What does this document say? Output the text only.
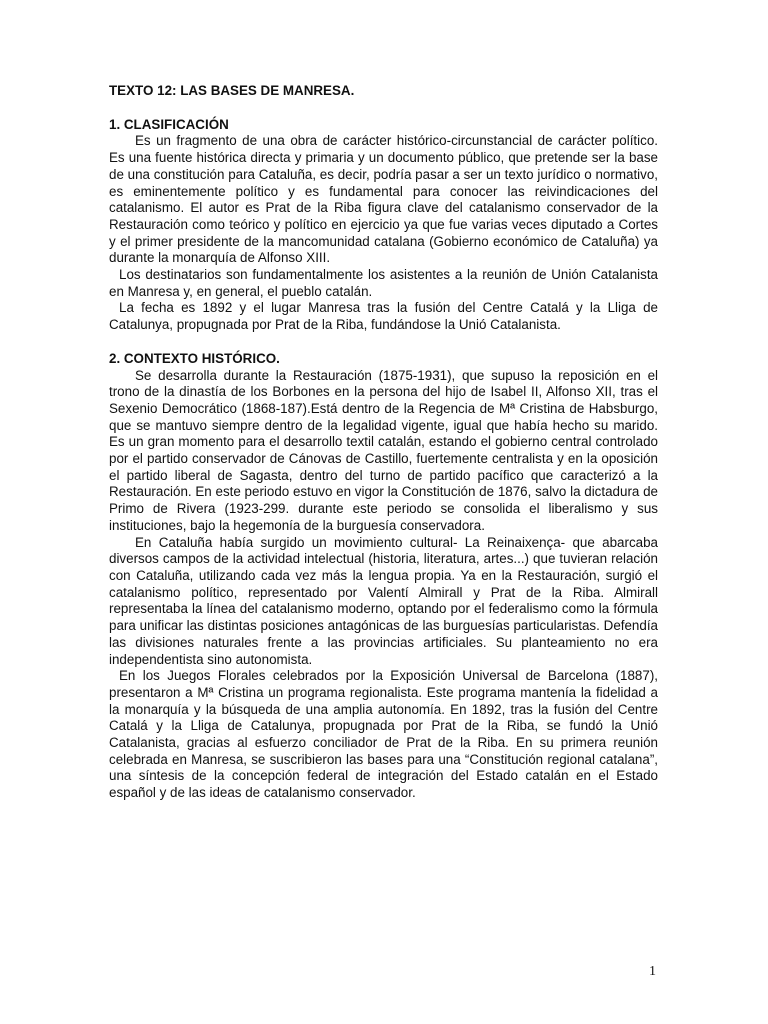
TEXTO 12: LAS BASES DE MANRESA.
1. CLASIFICACIÓN

Es un fragmento de una obra de carácter histórico-circunstancial de carácter político. Es una fuente histórica directa y primaria y un documento público, que pretende ser la base de una constitución para Cataluña, es decir, podría pasar a ser un texto jurídico o normativo, es eminentemente político y es fundamental para conocer las reivindicaciones del catalanismo. El autor es Prat de la Riba figura clave del catalanismo conservador de la Restauración como teórico y político en ejercicio ya que fue varias veces diputado a Cortes y el primer presidente de la mancomunidad catalana (Gobierno económico de Cataluña) ya durante la monarquía de Alfonso XIII.

Los destinatarios son fundamentalmente los asistentes a la reunión de Unión Catalanista en Manresa y, en general, el pueblo catalán.

La fecha es 1892 y el lugar Manresa tras la fusión del Centre Catalá y la Lliga de Catalunya, propugnada por Prat de la Riba, fundándose la Unió Catalanista.

2. CONTEXTO HISTÓRICO.

Se desarrolla durante la Restauración (1875-1931), que supuso la reposición en el trono de la dinastía de los Borbones en la persona del hijo de Isabel II, Alfonso XII, tras el Sexenio Democrático (1868-187).Está dentro de la Regencia de Mª Cristina de Habsburgo, que se mantuvo siempre dentro de la legalidad vigente, igual que había hecho su marido. Es un gran momento para el desarrollo textil catalán, estando el gobierno central controlado por el partido conservador de Cánovas de Castillo, fuertemente centralista y en la oposición el partido liberal de Sagasta, dentro del turno de partido pacífico que caracterizó a la Restauración. En este periodo estuvo en vigor la Constitución de 1876, salvo la dictadura de Primo de Rivera (1923-299. durante este periodo se consolida el liberalismo y sus instituciones, bajo la hegemonía de la burguesía conservadora.

En Cataluña había surgido un movimiento cultural- La Reinaixença- que abarcaba diversos campos de la actividad intelectual (historia, literatura, artes...) que tuvieran relación con Cataluña, utilizando cada vez más la lengua propia. Ya en la Restauración, surgió el catalanismo político, representado por Valentí Almirall y Prat de la Riba. Almirall representaba la línea del catalanismo moderno, optando por el federalismo como la fórmula para unificar las distintas posiciones antagónicas de las burguesías particularistas. Defendía las divisiones naturales frente a las provincias artificiales. Su planteamiento no era independentista sino autonomista.

En los Juegos Florales celebrados por la Exposición Universal de Barcelona (1887), presentaron a Mª Cristina un programa regionalista. Este programa mantenía la fidelidad a la monarquía y la búsqueda de una amplia autonomía. En 1892, tras la fusión del Centre Catalá y la Lliga de Catalunya, propugnada por Prat de la Riba, se fundó la Unió Catalanista, gracias al esfuerzo conciliador de Prat de la Riba. En su primera reunión celebrada en Manresa, se suscribieron las bases para una “Constitución regional catalana”, una síntesis de la concepción federal de integración del Estado catalán en el Estado español y de las ideas de catalanismo conservador.

1
